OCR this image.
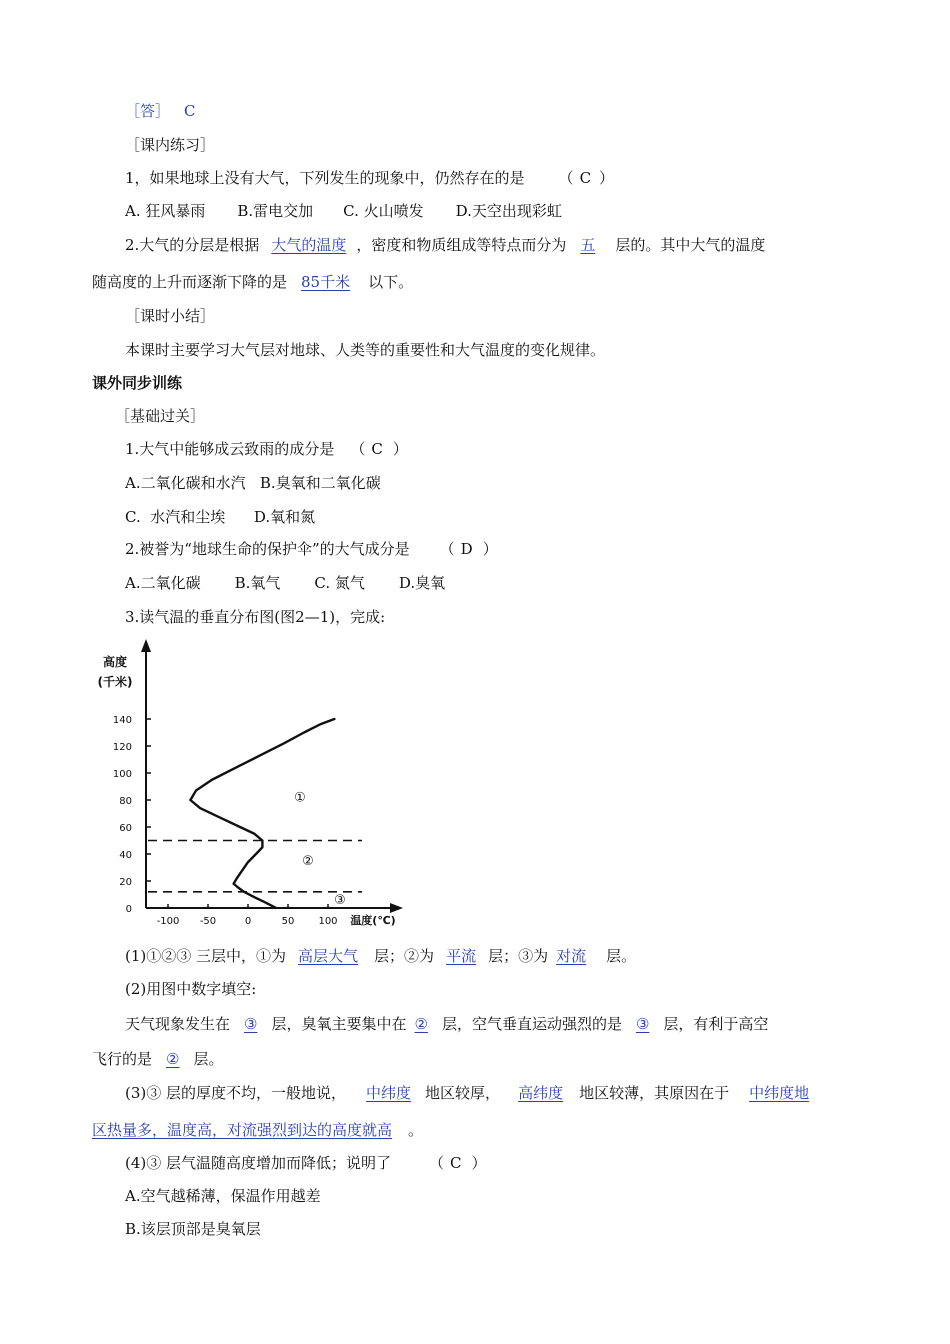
［答］ C
［课内练习］
1，如果地球上没有大气，下列发生的现象中，仍然存在的是 （ C ）
A. 狂风暴雨 B.雷电交加 C. 火山喷发 D.天空出现彩虹
2.大气的分层是根据 大气的温度 ，密度和物质组成等特点而分为 五 层的。其中大气的温度
随高度的上升而逐渐下降的是 85千米 以下。
［课时小结］
本课时主要学习大气层对地球、人类等的重要性和大气温度的变化规律。
课外同步训练
［基础过关］
1.大气中能够成云致雨的成分是 （ C ）
A.二氧化碳和水汽   B.臭氧和二氧化碳
C.  水汽和尘埃      D.氧和氮
2.被誉为“地球生命的保护伞”的大气成分是 （ D ）
A.二氧化碳 B.氧气 C. 氮气 D.臭氧
3.读气温的垂直分布图(图2—1)，完成:
高度
(千米)
0
20
40
60
80
100
120
140
-100 -50	0	50 100 温度(℃)
①
②
③
(1)①②③ 三层中，①为 高层大气 层；②为 平流 层；③为 对流 层。
(2)用图中数字填空:
天气现象发生在 ③ 层，臭氧主要集中在 ② 层，空气垂直运动强烈的是 ③ 层，有利于高空
飞行的是 ② 层。
(3)③ 层的厚度不均，一般地说， 中纬度 地区较厚， 高纬度 地区较薄，其原因在于 中纬度地
区热量多，温度高，对流强烈到达的高度就高 。
(4)③ 层气温随高度增加而降低；说明了	（ C ）
A.空气越稀薄，保温作用越差
B.该层顶部是臭氧层
